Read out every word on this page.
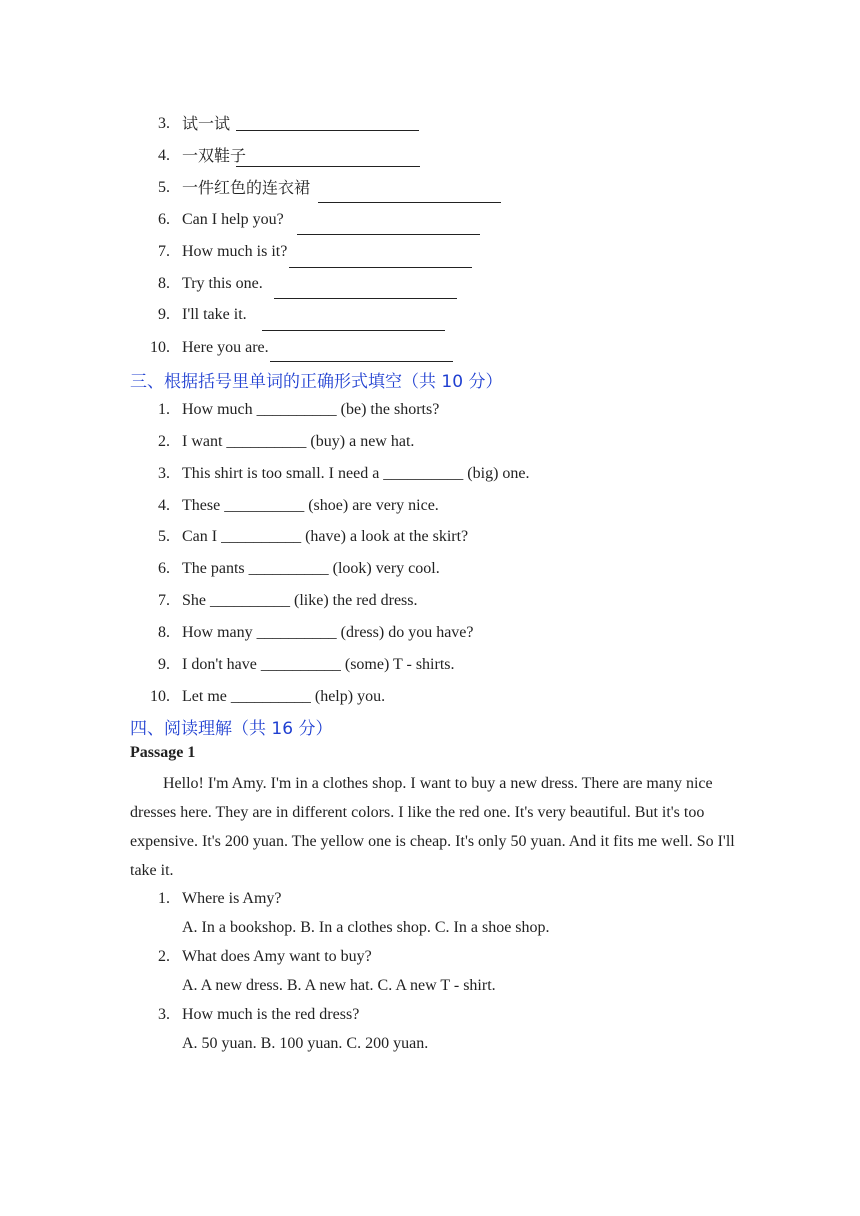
3. 试一试
4. 一双鞋子
5. 一件红色的连衣裙
6. Can I help you?
7. How much is it?
8. Try this one.
9. I'll take it.
10. Here you are.
三、根据括号里单词的正确形式填空（共 10 分）
1. How much __________ (be) the shorts?
2. I want __________ (buy) a new hat.
3. This shirt is too small. I need a __________ (big) one.
4. These __________ (shoe) are very nice.
5. Can I __________ (have) a look at the skirt?
6. The pants __________ (look) very cool.
7. She __________ (like) the red dress.
8. How many __________ (dress) do you have?
9. I don't have __________ (some) T - shirts.
10. Let me __________ (help) you.
四、阅读理解（共 16 分）
Passage 1
Hello! I'm Amy. I'm in a clothes shop. I want to buy a new dress. There are many nice dresses here. They are in different colors. I like the red one. It's very beautiful. But it's too expensive. It's 200 yuan. The yellow one is cheap. It's only 50 yuan. And it fits me well. So I'll take it.
1. Where is Amy?
A. In a bookshop. B. In a clothes shop. C. In a shoe shop.
2. What does Amy want to buy?
A. A new dress. B. A new hat. C. A new T - shirt.
3. How much is the red dress?
A. 50 yuan. B. 100 yuan. C. 200 yuan.
